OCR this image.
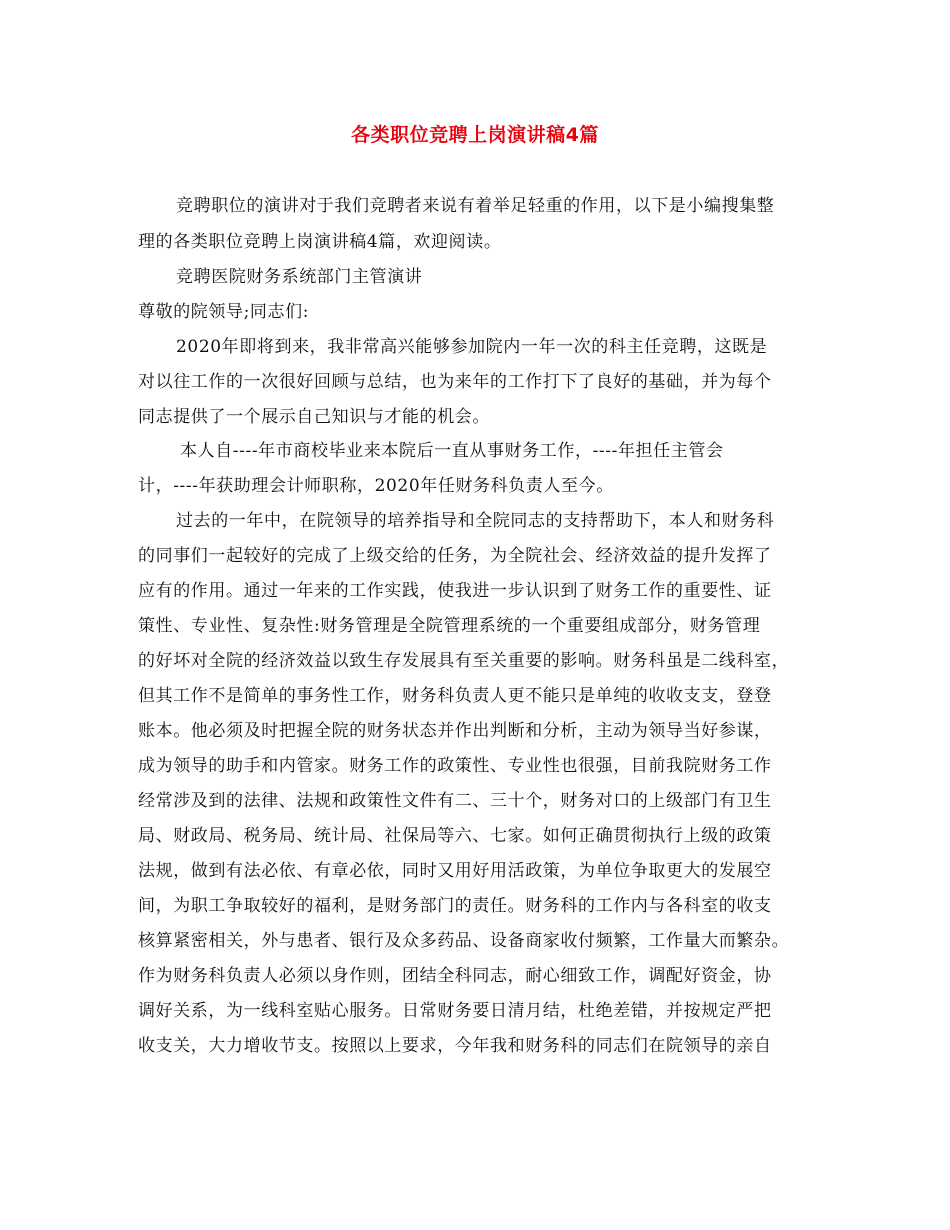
各类职位竞聘上岗演讲稿4篇
竞聘职位的演讲对于我们竞聘者来说有着举足轻重的作用，以下是小编搜集整
理的各类职位竞聘上岗演讲稿4篇，欢迎阅读。
竞聘医院财务系统部门主管演讲
尊敬的院领导;同志们:
2020年即将到来，我非常高兴能够参加院内一年一次的科主任竞聘，这既是
对以往工作的一次很好回顾与总结，也为来年的工作打下了良好的基础，并为每个
同志提供了一个展示自己知识与才能的机会。
本人自----年市商校毕业来本院后一直从事财务工作，----年担任主管会
计，----年获助理会计师职称，2020年任财务科负责人至今。
过去的一年中，在院领导的培养指导和全院同志的支持帮助下，本人和财务科
的同事们一起较好的完成了上级交给的任务，为全院社会、经济效益的提升发挥了
应有的作用。通过一年来的工作实践，使我进一步认识到了财务工作的重要性、证
策性、专业性、复杂性:财务管理是全院管理系统的一个重要组成部分，财务管理
的好坏对全院的经济效益以致生存发展具有至关重要的影响。财务科虽是二线科室，
但其工作不是简单的事务性工作，财务科负责人更不能只是单纯的收收支支，登登
账本。他必须及时把握全院的财务状态并作出判断和分析，主动为领导当好参谋，
成为领导的助手和内管家。财务工作的政策性、专业性也很强，目前我院财务工作
经常涉及到的法律、法规和政策性文件有二、三十个，财务对口的上级部门有卫生
局、财政局、税务局、统计局、社保局等六、七家。如何正确贯彻执行上级的政策
法规，做到有法必依、有章必依，同时又用好用活政策，为单位争取更大的发展空
间，为职工争取较好的福利，是财务部门的责任。财务科的工作内与各科室的收支
核算紧密相关，外与患者、银行及众多药品、设备商家收付频繁，工作量大而繁杂。
作为财务科负责人必须以身作则，团结全科同志，耐心细致工作，调配好资金，协
调好关系，为一线科室贴心服务。日常财务要日清月结，杜绝差错，并按规定严把
收支关，大力增收节支。按照以上要求，今年我和财务科的同志们在院领导的亲自
